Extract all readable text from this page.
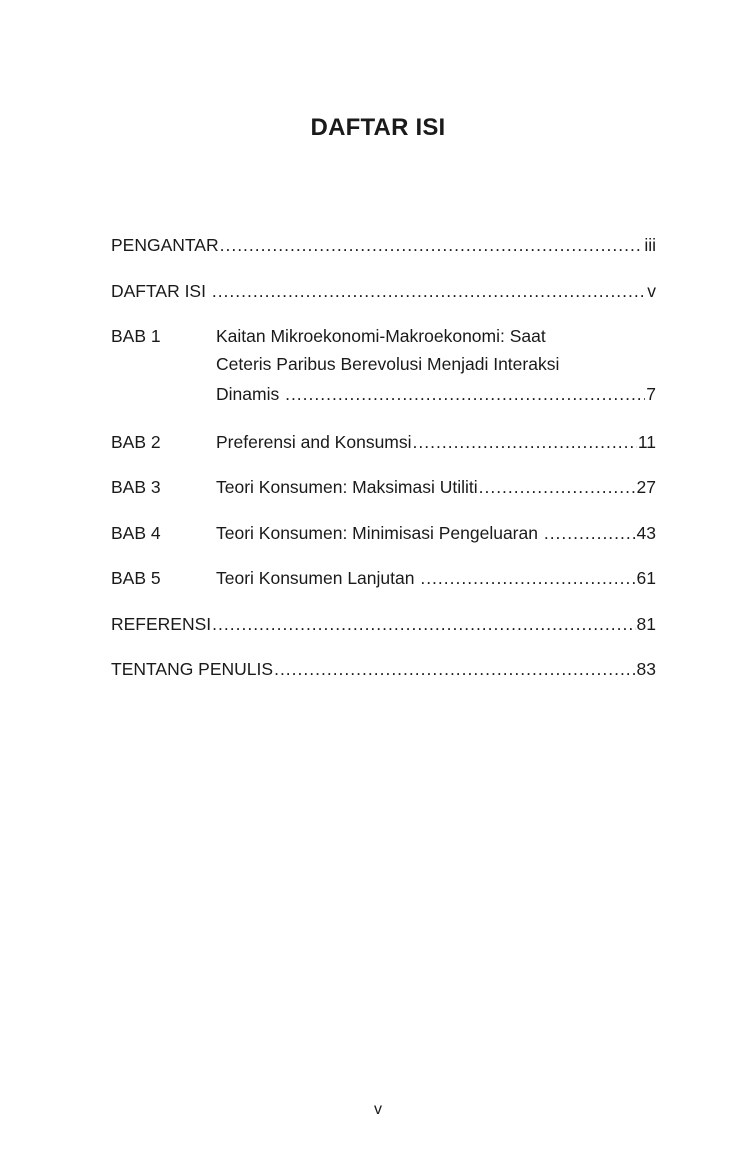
DAFTAR ISI
PENGANTAR .....	iii
DAFTAR ISI .....	v
BAB 1	Kaitan Mikroekonomi-Makroekonomi: Saat
Ceteris Paribus Berevolusi Menjadi Interaksi
Dinamis .....	7
BAB 2	Preferensi and Konsumsi .....	11
BAB 3	Teori Konsumen: Maksimasi Utiliti .....	27
BAB 4	Teori Konsumen: Minimisasi Pengeluaran .....	43
BAB 5	Teori Konsumen Lanjutan .....	61
REFERENSI .....	81
TENTANG PENULIS .....	83
v
